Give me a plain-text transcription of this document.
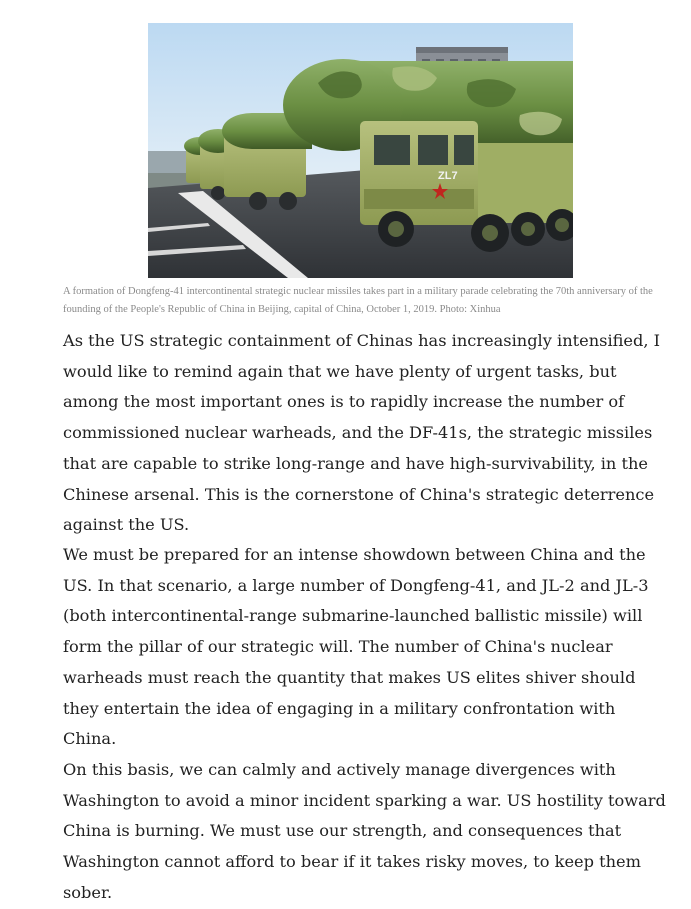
ZL7
A formation of Dongfeng-41 intercontinental strategic nuclear missiles takes part in a military parade celebrating the 70th anniversary of the founding of the People's Republic of China in Beijing, capital of China, October 1, 2019. Photo: Xinhua

As the US strategic containment of Chinas has increasingly intensified, I would like to remind again that we have plenty of urgent tasks, but among the most important ones is to rapidly increase the number of commissioned nuclear warheads, and the DF-41s, the strategic missiles that are capable to strike long-range and have high-survivability, in the Chinese arsenal. This is the cornerstone of China's strategic deterrence against the US.

We must be prepared for an intense showdown between China and the US. In that scenario, a large number of Dongfeng-41, and JL-2 and JL-3 (both intercontinental-range submarine-launched ballistic missile) will form the pillar of our strategic will. The number of China's nuclear warheads must reach the quantity that makes US elites shiver should they entertain the idea of engaging in a military confrontation with China.

On this basis, we can calmly and actively manage divergences with Washington to avoid a minor incident sparking a war. US hostility toward China is burning. We must use our strength, and consequences that Washington cannot afford to bear if it takes risky moves, to keep them sober.
